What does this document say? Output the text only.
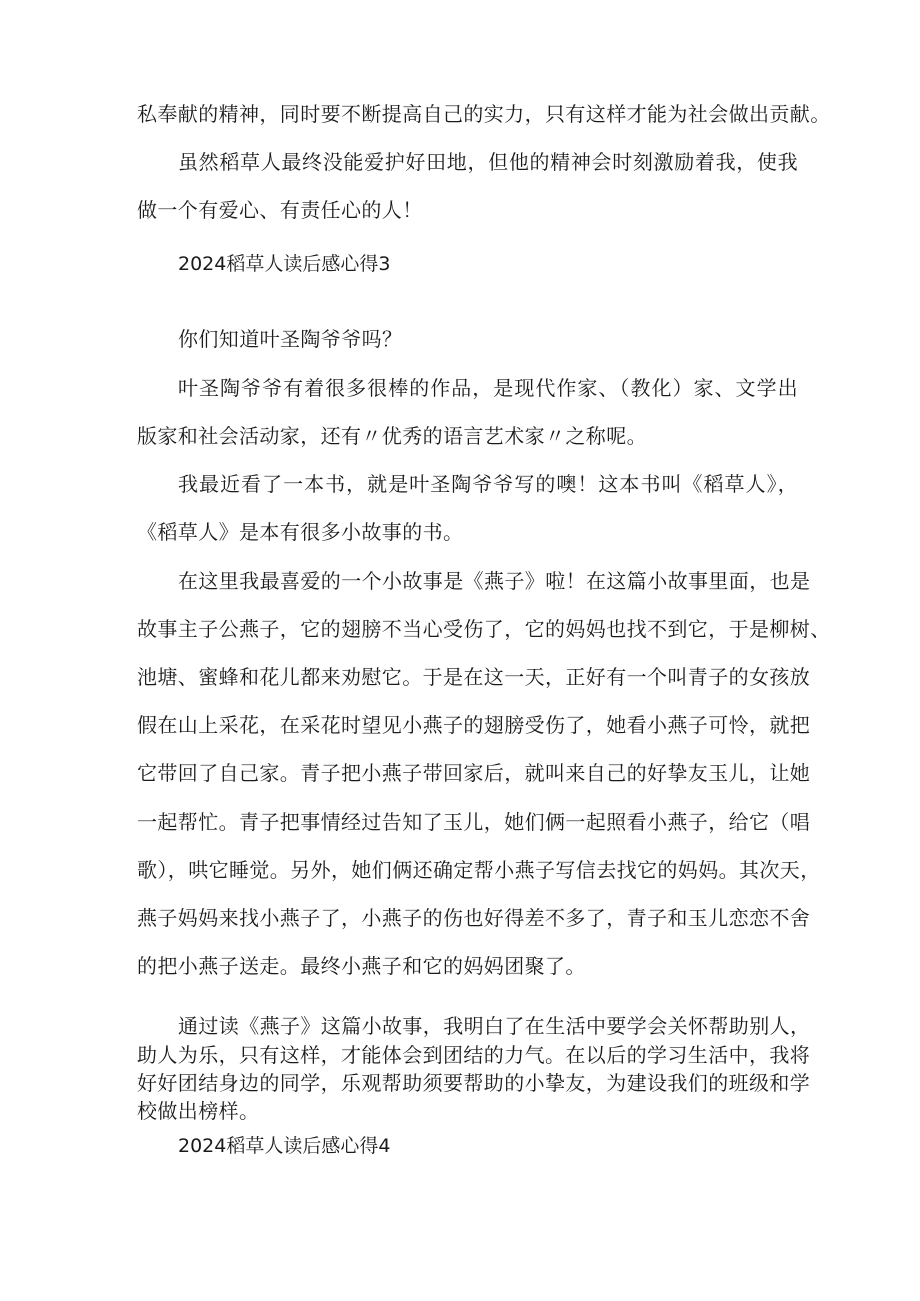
私奉献的精神，同时要不断提高自己的实力，只有这样才能为社会做出贡献。
虽然稻草人最终没能爱护好田地，但他的精神会时刻激励着我，使我
做一个有爱心、有责任心的人！
2024稻草人读后感心得3
你们知道叶圣陶爷爷吗？
叶圣陶爷爷有着很多很棒的作品，是现代作家、（教化）家、文学出
版家和社会活动家，还有〃优秀的语言艺术家〃之称呢。
我最近看了一本书，就是叶圣陶爷爷写的噢！这本书叫《稻草人》，
《稻草人》是本有很多小故事的书。
在这里我最喜爱的一个小故事是《燕子》啦！在这篇小故事里面，也是
故事主子公燕子，它的翅膀不当心受伤了，它的妈妈也找不到它，于是柳树、
池塘、蜜蜂和花儿都来劝慰它。于是在这一天，正好有一个叫青子的女孩放
假在山上采花，在采花时望见小燕子的翅膀受伤了，她看小燕子可怜，就把
它带回了自己家。青子把小燕子带回家后，就叫来自己的好挚友玉儿，让她
一起帮忙。青子把事情经过告知了玉儿，她们俩一起照看小燕子，给它（唱
歌），哄它睡觉。另外，她们俩还确定帮小燕子写信去找它的妈妈。其次天，
燕子妈妈来找小燕子了，小燕子的伤也好得差不多了，青子和玉儿恋恋不舍
的把小燕子送走。最终小燕子和它的妈妈团聚了。
通过读《燕子》这篇小故事，我明白了在生活中要学会关怀帮助别人，
助人为乐，只有这样，才能体会到团结的力气。在以后的学习生活中，我将
好好团结身边的同学，乐观帮助须要帮助的小挚友，为建设我们的班级和学
校做出榜样。
2024稻草人读后感心得4
